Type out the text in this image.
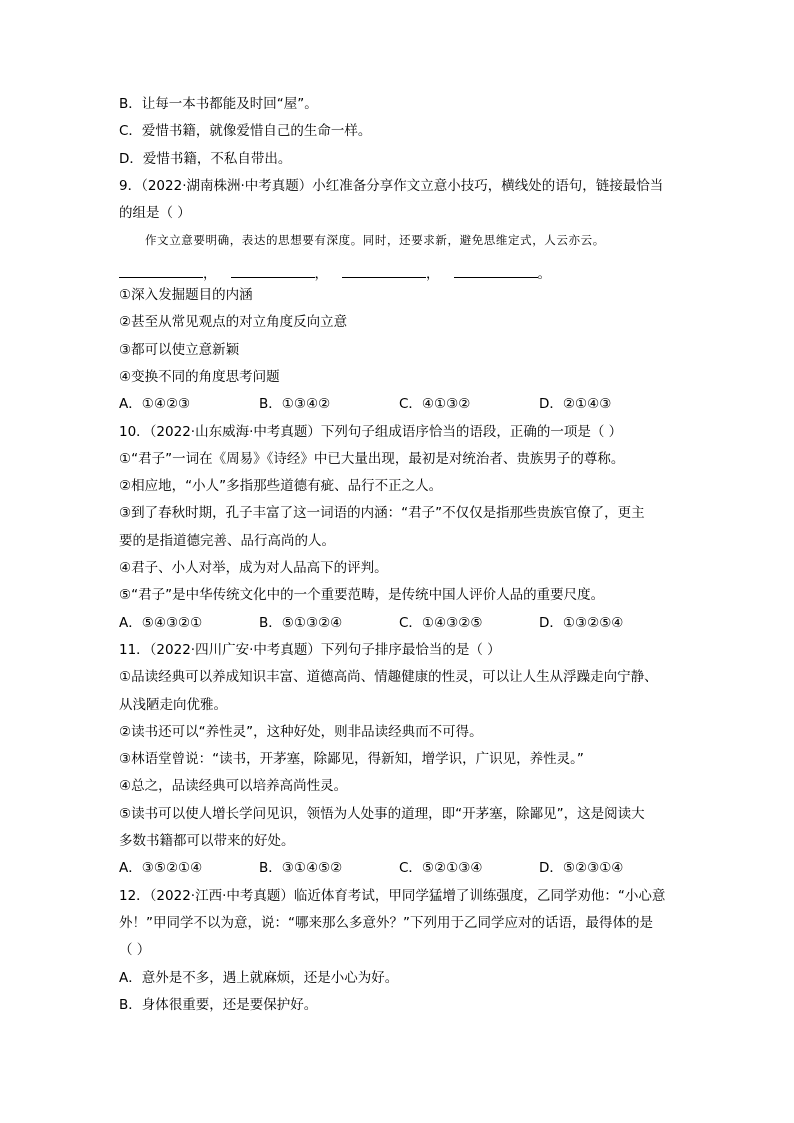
B．让每一本书都能及时回“屋”。
C．爱惜书籍，就像爱惜自己的生命一样。
D．爱惜书籍，不私自带出。
9．（2022·湖南株洲·中考真题）小红准备分享作文立意小技巧，横线处的语句，链接最恰当
的组是（ ）
作文立意要明确，表达的思想要有深度。同时，还要求新，避免思维定式，人云亦云。
，	，	，	。
①深入发掘题目的内涵
②甚至从常见观点的对立角度反向立意
③都可以使立意新颖
④变换不同的角度思考问题
A．①④②③	B．①③④②	C．④①③②	D．②①④③
10．（2022·山东威海·中考真题）下列句子组成语序恰当的语段，正确的一项是（ ）
①“君子”一词在《周易》《诗经》中已大量出现，最初是对统治者、贵族男子的尊称。
②相应地，“小人”多指那些道德有疵、品行不正之人。
③到了春秋时期，孔子丰富了这一词语的内涵：“君子”不仅仅是指那些贵族官僚了，更主
要的是指道德完善、品行高尚的人。
④君子、小人对举，成为对人品高下的评判。
⑤“君子”是中华传统文化中的一个重要范畴，是传统中国人评价人品的重要尺度。
A．⑤④③②①	B．⑤①③②④	C．①④③②⑤	D．①③②⑤④
11．（2022·四川广安·中考真题）下列句子排序最恰当的是（ ）
①品读经典可以养成知识丰富、道德高尚、情趣健康的性灵，可以让人生从浮躁走向宁静、
从浅陋走向优雅。
②读书还可以“养性灵”，这种好处，则非品读经典而不可得。
③林语堂曾说：“读书，开茅塞，除鄙见，得新知，增学识，广识见，养性灵。”
④总之，品读经典可以培养高尚性灵。
⑤读书可以使人增长学问见识，领悟为人处事的道理，即“开茅塞，除鄙见”，这是阅读大
多数书籍都可以带来的好处。
A．③⑤②①④	B．③①④⑤②	C．⑤②①③④	D．⑤②③①④
12．（2022·江西·中考真题）临近体育考试，甲同学猛增了训练强度，乙同学劝他：“小心意
外！”甲同学不以为意，说：“哪来那么多意外？”下列用于乙同学应对的话语，最得体的是
（ ）
A．意外是不多，遇上就麻烦，还是小心为好。
B．身体很重要，还是要保护好。
